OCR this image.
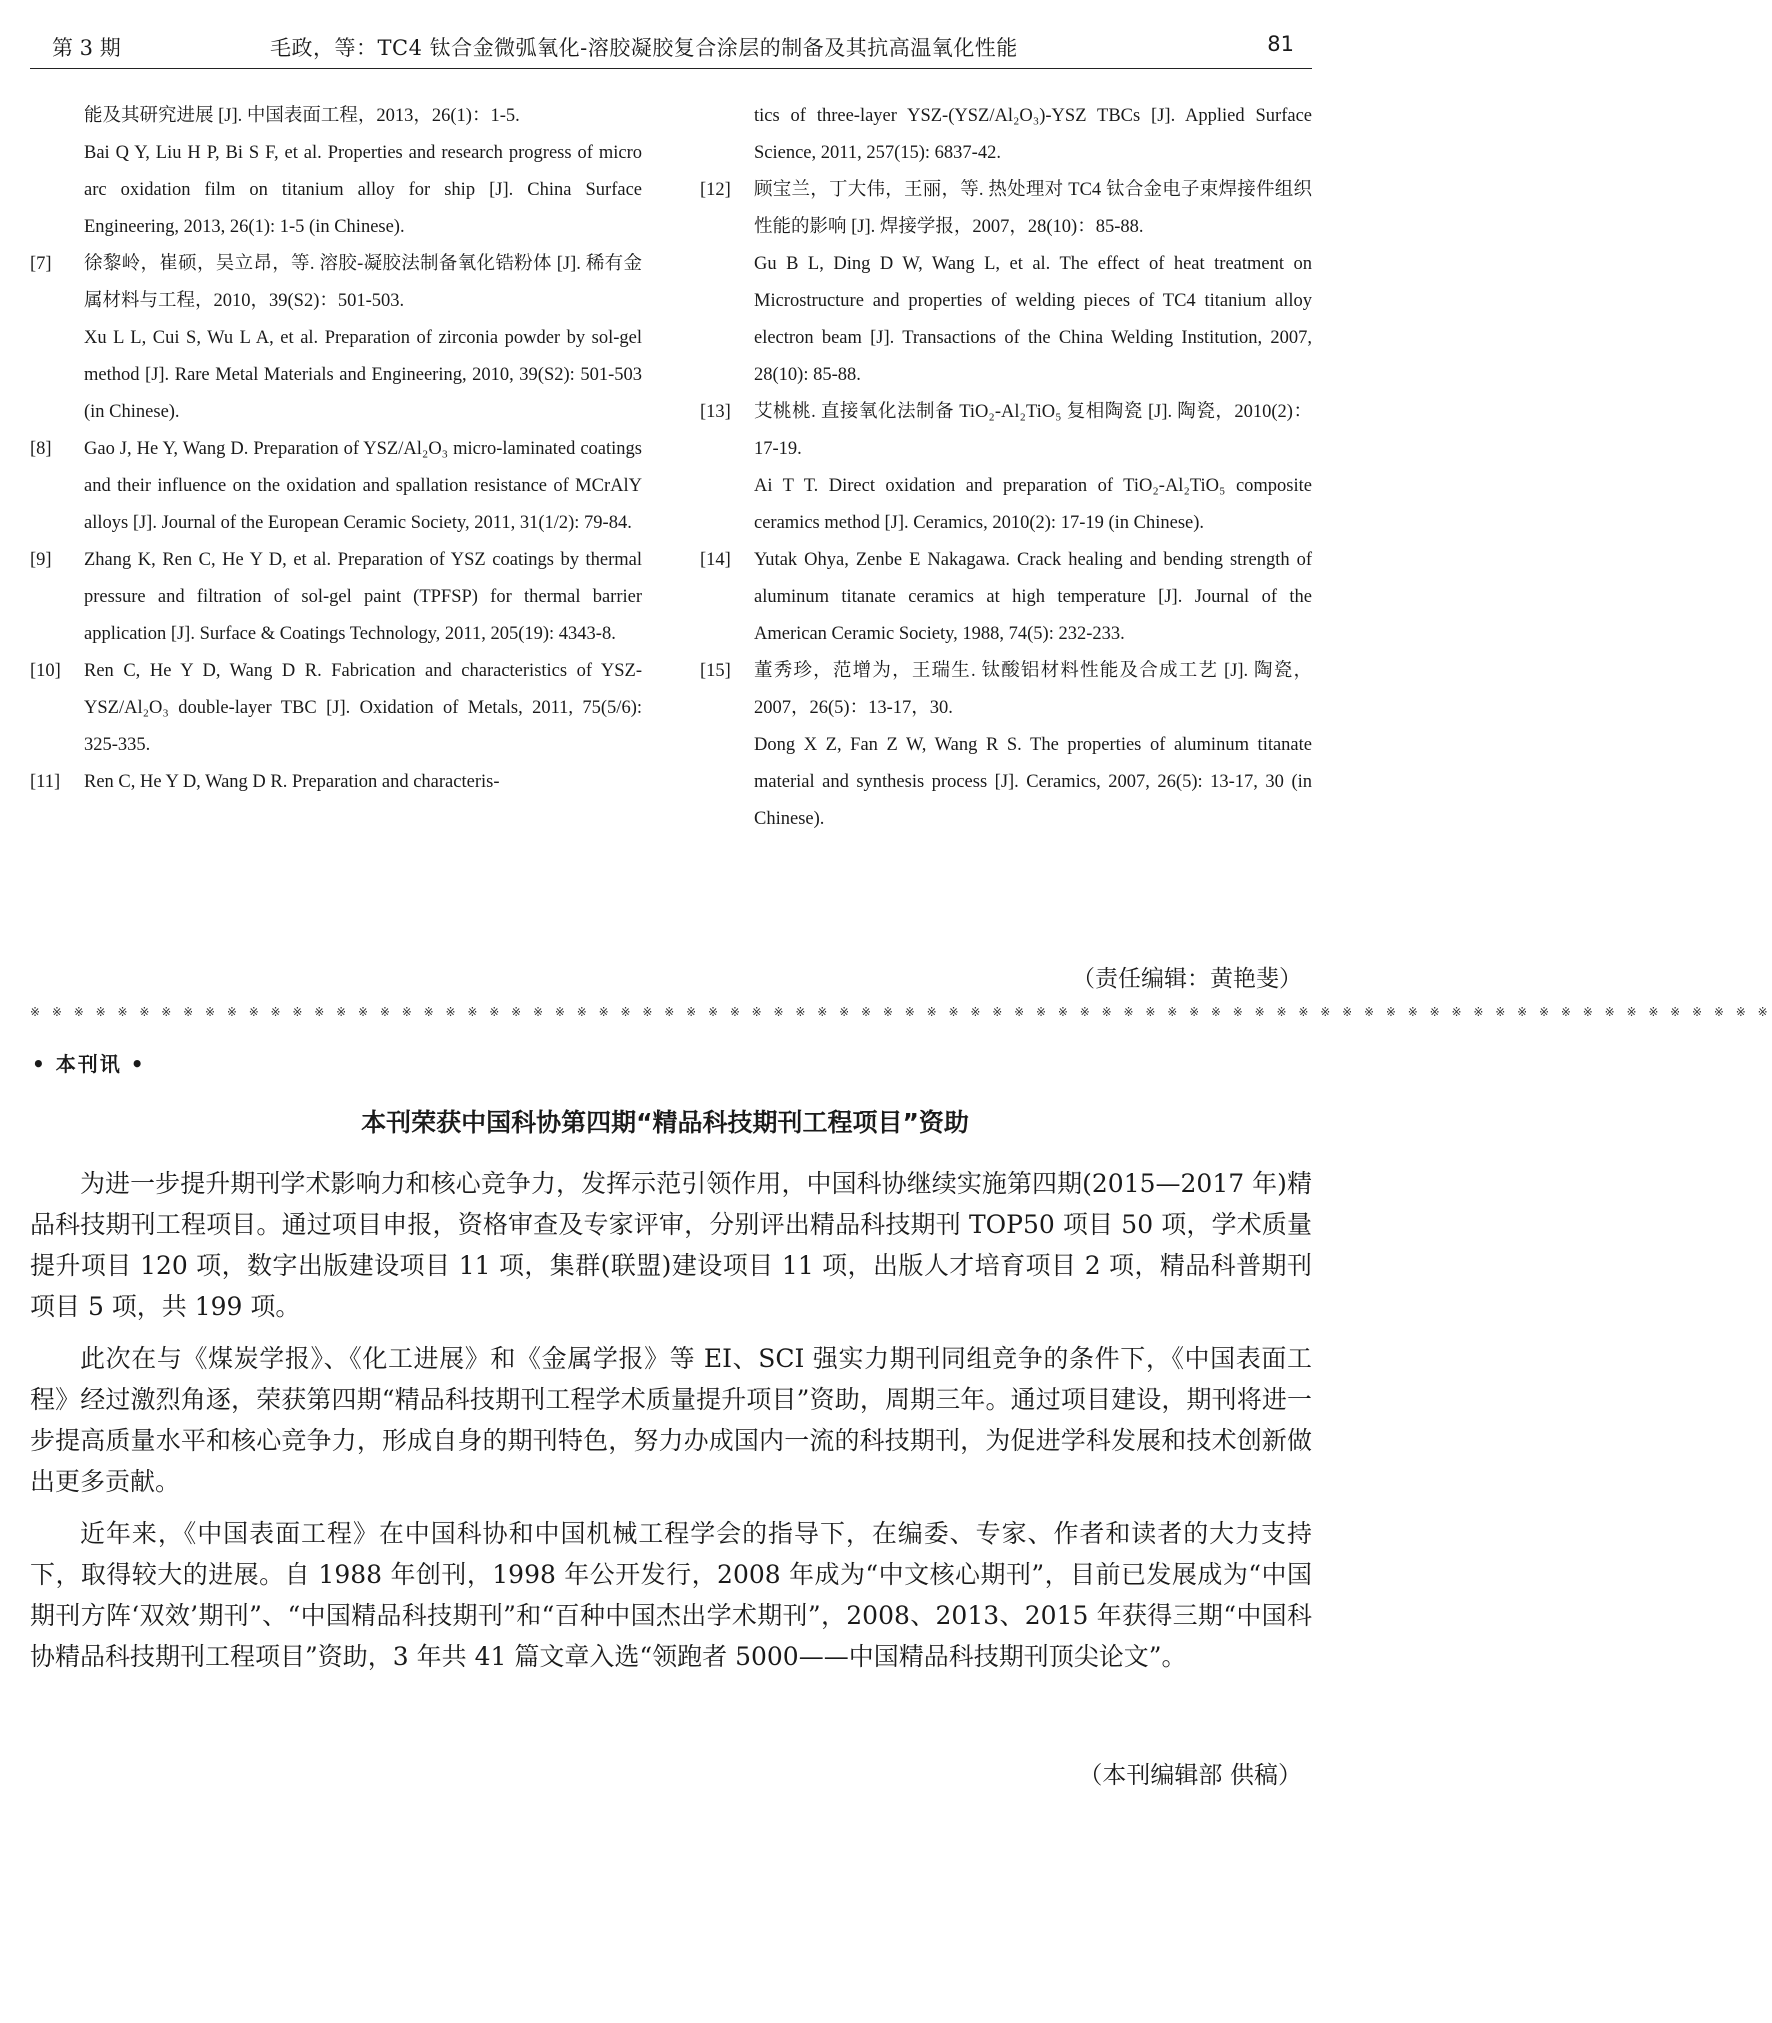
第 3 期	毛政，等：TC4 钛合金微弧氧化-溶胶凝胶复合涂层的制备及其抗高温氧化性能	81

能及其研究进展 [J]. 中国表面工程，2013，26(1)：1-5.

Bai Q Y, Liu H P, Bi S F, et al. Properties and research progress of micro arc oxidation film on titanium alloy for ship [J]. China Surface Engineering, 2013, 26(1): 1-5 (in Chinese).

[7] 徐黎岭，崔硕，吴立昂，等. 溶胶-凝胶法制备氧化锆粉体 [J]. 稀有金属材料与工程，2010，39(S2)：501-503.

Xu L L, Cui S, Wu L A, et al. Preparation of zirconia powder by sol-gel method [J]. Rare Metal Materials and Engineering, 2010, 39(S2): 501-503 (in Chinese).

[8] Gao J, He Y, Wang D. Preparation of YSZ/Al₂O₃ micro-laminated coatings and their influence on the oxidation and spallation resistance of MCrAlY alloys [J]. Journal of the European Ceramic Society, 2011, 31(1/2): 79-84.

[9] Zhang K, Ren C, He Y D, et al. Preparation of YSZ coatings by thermal pressure and filtration of sol-gel paint (TPFSP) for thermal barrier application [J]. Surface & Coatings Technology, 2011, 205(19): 4343-8.

[10] Ren C, He Y D, Wang D R. Fabrication and characteristics of YSZ-YSZ/Al₂O₃ double-layer TBC [J]. Oxidation of Metals, 2011, 75(5/6): 325-335.

[11] Ren C, He Y D, Wang D R. Preparation and characteris-

tics of three-layer YSZ-(YSZ/Al₂O₃)-YSZ TBCs [J]. Applied Surface Science, 2011, 257(15): 6837-42.

[12] 顾宝兰，丁大伟，王丽，等. 热处理对 TC4 钛合金电子束焊接件组织性能的影响 [J]. 焊接学报，2007，28(10)：85-88.

Gu B L, Ding D W, Wang L, et al. The effect of heat treatment on Microstructure and properties of welding pieces of TC4 titanium alloy electron beam [J]. Transactions of the China Welding Institution, 2007, 28(10): 85-88.

[13] 艾桃桃. 直接氧化法制备 TiO₂-Al₂TiO₅ 复相陶瓷 [J]. 陶瓷，2010(2)：17-19.

Ai T T. Direct oxidation and preparation of TiO₂-Al₂TiO₅ composite ceramics method [J]. Ceramics, 2010(2): 17-19 (in Chinese).

[14] Yutak Ohya, Zenbe E Nakagawa. Crack healing and bending strength of aluminum titanate ceramics at high temperature [J]. Journal of the American Ceramic Society, 1988, 74(5): 232-233.

[15] 董秀珍，范增为，王瑞生. 钛酸铝材料性能及合成工艺 [J]. 陶瓷，2007，26(5)：13-17，30.

Dong X Z, Fan Z W, Wang R S. The properties of aluminum titanate material and synthesis process [J]. Ceramics, 2007, 26(5): 13-17, 30 (in Chinese).

（责任编辑：黄艳斐）
※ ※ ※ ※ ※ ※ ※ ※ ※ ※ ※ ※ ※ ※ ※ ※ ※ ※ ※ ※ ※ ※ ※ ※ ※ ※ ※ ※ ※ ※ ※ ※ ※ ※ ※ ※ ※ ※ ※ ※ ※ ※ ※ ※ ※ ※ ※ ※ ※ ※ ※ ※ ※ ※ ※ ※ ※ ※ ※ ※ ※ ※ ※ ※ ※ ※ ※ ※ ※ ※ ※ ※ ※ ※ ※ ※ ※ ※ ※ ※
• 本刊讯 •
本刊荣获中国科协第四期“精品科技期刊工程项目”资助

为进一步提升期刊学术影响力和核心竞争力，发挥示范引领作用，中国科协继续实施第四期(2015—2017 年)精品科技期刊工程项目。通过项目申报，资格审查及专家评审，分别评出精品科技期刊 TOP50 项目 50 项，学术质量提升项目 120 项，数字出版建设项目 11 项，集群(联盟)建设项目 11 项，出版人才培育项目 2 项，精品科普期刊项目 5 项，共 199 项。

此次在与《煤炭学报》、《化工进展》和《金属学报》等 EI、SCI 强实力期刊同组竞争的条件下，《中国表面工程》经过激烈角逐，荣获第四期“精品科技期刊工程学术质量提升项目”资助，周期三年。通过项目建设，期刊将进一步提高质量水平和核心竞争力，形成自身的期刊特色，努力办成国内一流的科技期刊，为促进学科发展和技术创新做出更多贡献。

近年来，《中国表面工程》在中国科协和中国机械工程学会的指导下，在编委、专家、作者和读者的大力支持下，取得较大的进展。自 1988 年创刊，1998 年公开发行，2008 年成为“中文核心期刊”，目前已发展成为“中国期刊方阵‘双效’期刊”、“中国精品科技期刊”和“百种中国杰出学术期刊”，2008、2013、2015 年获得三期“中国科协精品科技期刊工程项目”资助，3 年共 41 篇文章入选“领跑者 5000——中国精品科技期刊顶尖论文”。

（本刊编辑部 供稿）
